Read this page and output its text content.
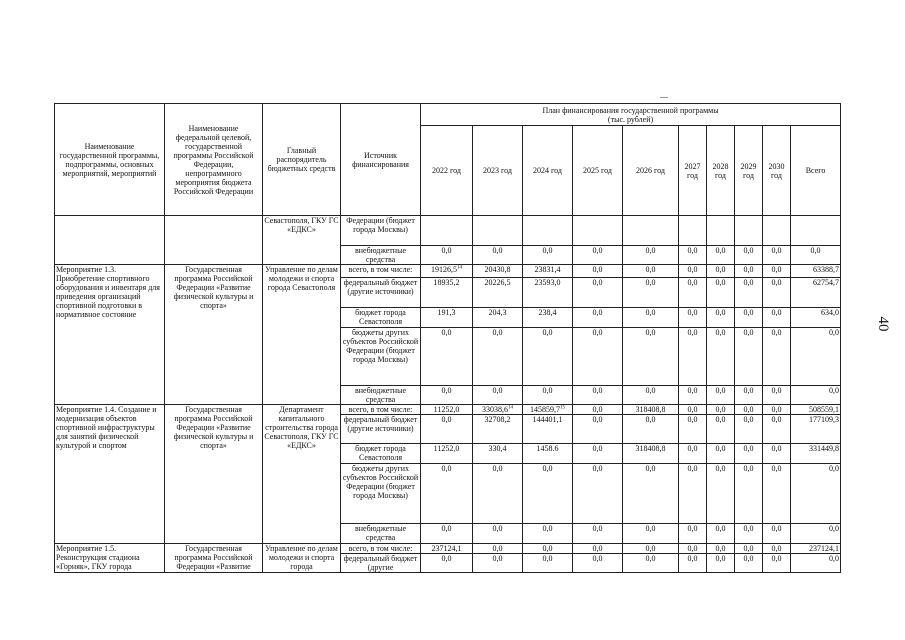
40
Наименование государственной программы, подпрограммы, основных мероприятий, мероприятий	Наименование федеральной целевой, государственной программы Российской Федерации, непрограммного мероприятия бюджета Российской Федерации	Главный распорядитель бюджетных средств	Источник финансирования	План финансирования государственной программы
(тыс. рублей)									

				2022 год	2023 год	2024 год	2025 год	2026 год	2027 год	2028 год	2029 год	2030 год	Всего
		Севастополя, ГКУ ГС «ЕДКС»	Федерации (бюджет города Москвы)										
			внебюджетные средства	0,0	0,0	0,0	0,0	0,0	0,0	0,0	0,0	0,0	0,0
Мероприятие 1.3. Приобретение спортивного оборудования и инвентаря для приведения организаций спортивной подготовки в нормативное состояние	Государственная программа Российской Федерации «Развитие физической культуры и спорта»	Управление по делам молодежи и спорта города Севастополя	всего, в том числе:	19126,5$^{14}$	20430,8	23831,4	0,0	0,0	0,0	0,0	0,0	0,0	63388,7
			федеральный бюджет (другие источники)	18935,2	20226,5	23593,0	0,0	0,0	0,0	0,0	0,0	0,0	62754,7
			бюджет города Севастополя	191,3	204,3	238,4	0,0	0,0	0,0	0,0	0,0	0,0	634,0
			бюджеты других субъектов Российской Федерации (бюджет города Москвы)	0,0	0,0	0,0	0,0	0,0	0,0	0,0	0,0	0,0	0,0
			внебюджетные средства	0,0	0,0	0,0	0,0	0,0	0,0	0,0	0,0	0,0	0,0
Мероприятие 1.4. Создание и модернизация объектов спортивной инфраструктуры для занятий физической культурой и спортом	Государственная программа Российской Федерации «Развитие физической культуры и спорта»	Департамент капитального строительства города Севастополя, ГКУ ГС «ЕДКС»	всего, в том числе:	11252,0	33038,6$^{14}$	145859,7$^{15}$	0,0	318408,8	0,0	0,0	0,0	0,0	508559,1
			федеральный бюджет (другие источники)	0,0	32708,2	144401,1	0,0	0,0	0,0	0,0	0,0	0,0	177109,3
			бюджет города Севастополя	11252,0	330,4	1458.6	0,0	318408,8	0,0	0,0	0,0	0,0	331449,8
			бюджеты других субъектов Российской Федерации (бюджет города Москвы)	0,0	0,0	0,0	0,0	0,0	0,0	0,0	0,0	0,0	0,0
			внебюджетные средства	0,0	0,0	0,0	0,0	0,0	0,0	0,0	0,0	0,0	0,0
Мероприятие 1.5. Реконструкция стадиона «Горняк», ГКУ города	Государственная программа Российской Федерации «Развитие	Управление по делам молодежи и спорта города	всего, в том числе:	237124,1	0,0	0,0	0,0	0,0	0,0	0,0	0,0	0,0	237124,1
			федеральный бюджет (другие	0,0	0,0	0,0	0,0	0,0	0,0	0,0	0,0	0,0	0,0
